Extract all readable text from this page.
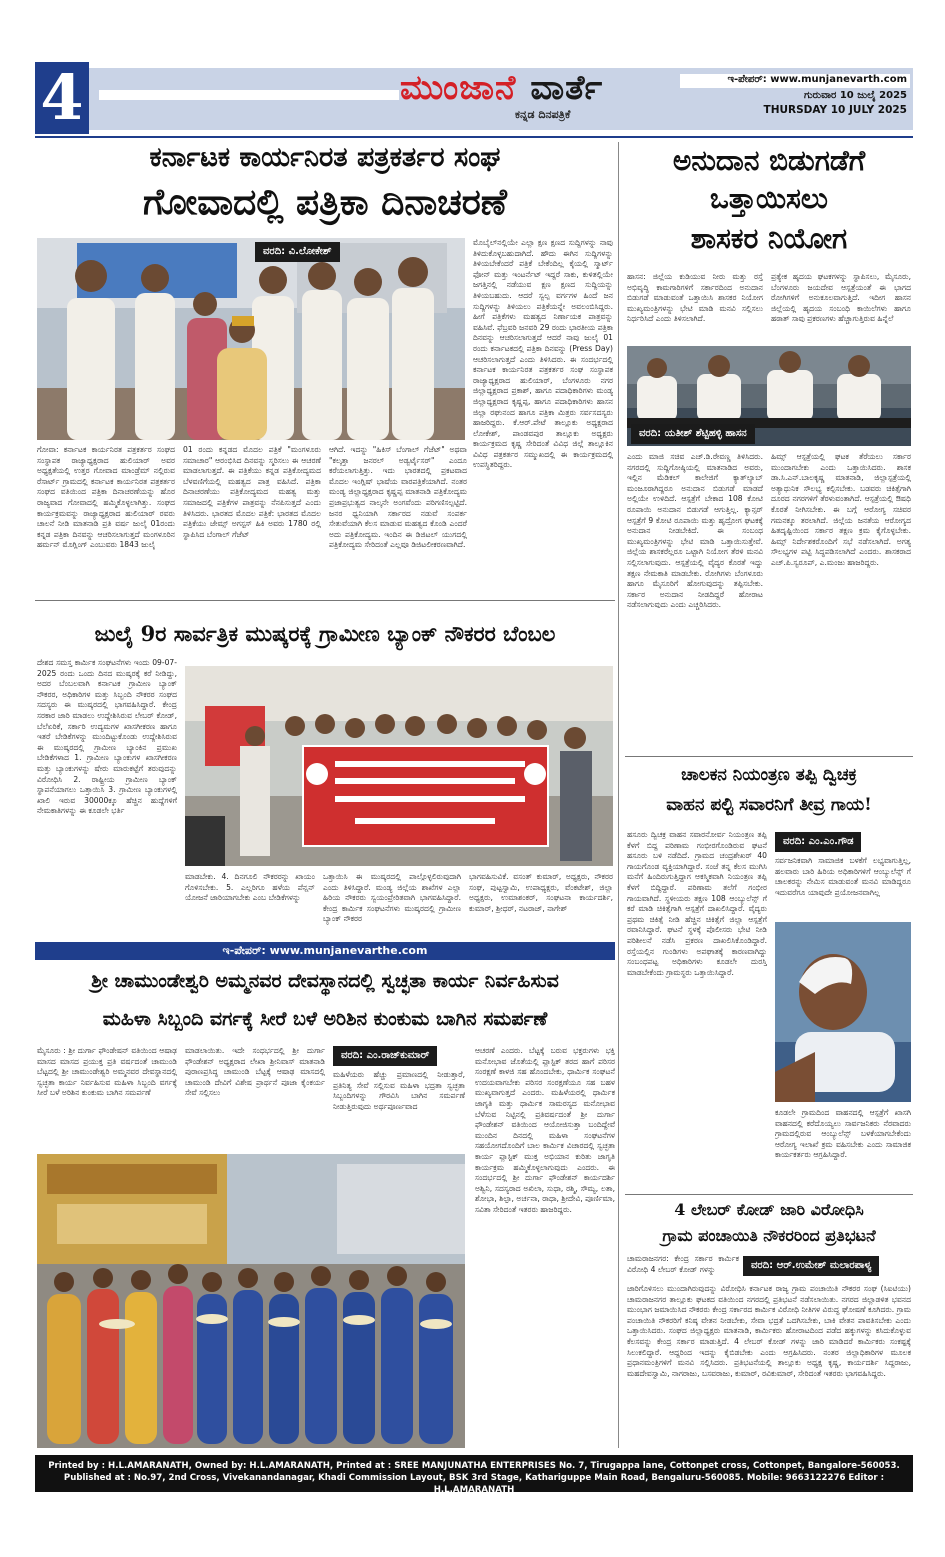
4	ಮುಂಜಾನೆ ವಾರ್ತೆ
ಕನ್ನಡ ದಿನಪತ್ರಿಕೆ
ಇ-ಪೇಪರ್: www.munjanevarth.com
ಗುರುವಾರ 10 ಜುಲೈ 2025
THURSDAY 10 JULY 2025
ಕರ್ನಾಟಕ ಕಾರ್ಯನಿರತ ಪತ್ರಕರ್ತರ ಸಂಘ
ಗೋವಾದಲ್ಲಿ ಪತ್ರಿಕಾ ದಿನಾಚರಣೆ
ವರದಿ: ವಿ.ಲೋಕೇಶ್
ಗೋವಾ: ಕರ್ನಾಟಕ ಕಾರ್ಯನಿರತ ಪತ್ರಕರ್ತರ ಸಂಘದ ಸಂಸ್ಥಾಪಕ ರಾಜ್ಯಾಧ್ಯಕ್ಷರಾದ ಹುಲಿಯಾರ್ ಅವರ ಅಧ್ಯಕ್ಷತೆಯಲ್ಲಿ ಉತ್ತರ ಗೋವಾದ ಮಾಂಡ್ರೆಮ್ ನಲ್ಲಿರುವ ರೆಸಾರ್ಟ್ ಗ್ರಾಮದಲ್ಲಿ ಕರ್ನಾಟಕ ಕಾರ್ಯನಿರತ ಪತ್ರಕರ್ತರ ಸಂಘದ ವತಿಯಿಂದ ಪತ್ರಿಕಾ ದಿನಾಚರಣೆಯನ್ನು ಹೊರ ರಾಜ್ಯವಾದ ಗೋವಾದಲ್ಲಿ ಹಮ್ಮಿಕೊಳ್ಳಲಾಗಿತ್ತು. ಸಂಘದ ಕಾರ್ಯಕ್ರಮವನ್ನು ರಾಜ್ಯಾಧ್ಯಕ್ಷರಾದ ಹುಲಿಯಾರ್ ರವರು ಚಾಲನೆ ನೀಡಿ ಮಾತನಾಡಿ ಪ್ರತಿ ವರ್ಷ ಜುಲೈ 01ರಂದು ಕನ್ನಡ ಪತ್ರಿಕಾ ದಿನವನ್ನು ಆಚರಿಸಲಾಗುತ್ತದೆ ಮಂಗಳೂರಿನ ಹರ್ಮನ್ ಮೊಗ್ಲಿಂಗ್ ಎಂಬುವರು 1843 ಜುಲೈ
01 ರಂದು ಕನ್ನಡದ ಮೊದಲ ಪತ್ರಿಕೆ "ಮಂಗಳೂರು ಸಮಾಚಾರ" ಆರಂಭಿಸಿದ ದಿನವನ್ನು ಸ್ಮರಿಸಲು ಈ ಆಚರಣೆ ಮಾಡಲಾಗುತ್ತದೆ. ಈ ಪತ್ರಿಕೆಯು ಕನ್ನಡ ಪತ್ರಿಕೋದ್ಯಮದ ಬೆಳವಣಿಗೆಯಲ್ಲಿ ಮಹತ್ವದ ಪಾತ್ರ ವಹಿಸಿದೆ. ಪತ್ರಿಕಾ ದಿನಾಚರಣೆಯು ಪತ್ರಿಕೋದ್ಯಮದ ಮಹತ್ವ ಮತ್ತು ಸಮಾಜದಲ್ಲಿ ಪತ್ರಿಕೆಗಳ ಪಾತ್ರವನ್ನು ನೆನಪಿಸುತ್ತದೆ ಎಂದು ತಿಳಿಸಿದರು. ಭಾರತದ ಮೊದಲ ಪತ್ರಿಕೆ: ಭಾರತದ ಮೊದಲ ಪತ್ರಿಕೆಯು ಜೇಮ್ಸ್ ಅಗಸ್ಟಸ್ ಹಿಕಿ ಅವರು 1780 ರಲ್ಲಿ ಸ್ಥಾಪಿಸಿದ ಬೆಂಗಾಲ್ ಗೆಜೆಟ್
ಆಗಿದೆ. ಇದನ್ನು "ಹಿಕಿಸ್ ಬೆಂಗಾಲ್ ಗೆಜೆಟ್" ಅಥವಾ "ಕಲ್ಕತ್ತಾ ಜನರಲ್ ಅಡ್ವರ್ಟೈಸರ್" ಎಂದೂ ಕರೆಯಲಾಗುತ್ತಿತ್ತು. ಇದು ಭಾರತದಲ್ಲಿ ಪ್ರಕಟವಾದ ಮೊದಲ ಇಂಗ್ಲಿಷ್ ಭಾಷೆಯ ವಾರಪತ್ರಿಕೆಯಾಗಿದೆ. ನಂತರ ಮಂಡ್ಯ ಜಿಲ್ಲಾಧ್ಯಕ್ಷರಾದ ಕೃಷ್ಣಪ್ಪ ಮಾತನಾಡಿ ಪತ್ರಿಕೋದ್ಯಮ ಪ್ರಜಾಪ್ರಭುತ್ವದ ನಾಲ್ಕನೇ ಅಂಗವೆಂದು ಪರಿಗಣಿಸಲ್ಪಟ್ಟಿದೆ. ಜನರ ಧ್ವನಿಯಾಗಿ ಸರ್ಕಾರದ ನಡುವೆ ಸಂಪರ್ಕ ಸೇತುವೆಯಾಗಿ ಕೆಲಸ ಮಾಡುವ ಮಹತ್ವದ ಕೊಂಡಿ ಎಂದರೆ ಅದು ಪತ್ರಿಕೋದ್ಯಮ. ಇಂದಿನ ಈ ಡಿಜಿಟಲ್ ಯುಗದಲ್ಲಿ ಪತ್ರಿಕೋದ್ಯಮ ಸೇರಿದಂತೆ ಎಲ್ಲವೂ ಡಿಜಿಟಲೀಕರಣವಾಗಿದೆ.
ಮೊಬೈಲ್‌ನಲ್ಲಿಯೇ ಎಲ್ಲಾ ಕ್ಷಣ ಕ್ಷಣದ ಸುದ್ದಿಗಳನ್ನು ನಾವು ತಿಳಿದುಕೊಳ್ಳಬಹುದಾಗಿದೆ. ಹೌದು ಈಗಿನ ಸುದ್ದಿಗಳನ್ನು ತಿಳಿಯಬೇಕೆಂದರೆ ಪತ್ರಿಕೆ ಬೇಕೆಂದಿಲ್ಲ ಕೈಯಲ್ಲಿ ಸ್ಮಾರ್ಟ್ ಫೋನ್ ಮತ್ತು ಇಂಟರ್ನೆಟ್ ಇದ್ದರೆ ಸಾಕು, ಕುಳಿತಲ್ಲಿಯೇ ಜಗತ್ತಿನಲ್ಲಿ ನಡೆಯುವ ಕ್ಷಣ ಕ್ಷಣದ ಸುದ್ದಿಯನ್ನು ತಿಳಿಯಬಹುದು. ಆದರೆ ಸ್ವಲ್ಪ ವರ್ಗಗಳ ಹಿಂದೆ ಜನ ಸುದ್ದಿಗಳನ್ನು ತಿಳಿಯಲು ಪತ್ರಿಕೆಯನ್ನೇ ಅವಲಂಬಿಸಿದ್ದರು. ಹೀಗೆ ಪತ್ರಿಕೆಗಳು ಮಹತ್ವದ ನಿರ್ಣಾಯಕ ಪಾತ್ರವನ್ನು ವಹಿಸಿವೆ. ಫೆಬ್ರವರಿ ಜನವರಿ 29 ರಂದು ಭಾರತೀಯ ಪತ್ರಿಕಾ ದಿನವನ್ನು ಆಚರಿಸಲಾಗುತ್ತದೆ ಆದರೆ ನಾವು ಜುಲೈ 01 ರಂದು ಕರ್ನಾಟಕದಲ್ಲಿ ಪತ್ರಿಕಾ ದಿನವನ್ನು (Press Day) ಆಚರಿಸಲಾಗುತ್ತದೆ ಎಂದು ತಿಳಿಸಿದರು. ಈ ಸಂದರ್ಭದಲ್ಲಿ ಕರ್ನಾಟಕ ಕಾರ್ಯನಿರತ ಪತ್ರಕರ್ತರ ಸಂಘ ಸಂಸ್ಥಾಪಕ ರಾಜ್ಯಾಧ್ಯಕ್ಷರಾದ ಹುಲಿಯಾರ್, ಬೆಂಗಳೂರು ನಗರ ಜಿಲ್ಲಾಧ್ಯಕ್ಷರಾದ ಪ್ರಕಾಶ್, ಹಾಗೂ ಪದಾಧಿಕಾರಿಗಳು ಮಂಡ್ಯ ಜಿಲ್ಲಾಧ್ಯಕ್ಷರಾದ ಕೃಷ್ಣಪ್ಪ, ಹಾಗೂ ಪದಾಧಿಕಾರಿಗಳು ಹಾಸನ ಜಿಲ್ಲಾ ರಘುನಂದ ಹಾಗೂ ಪತ್ರಿಕಾ ಮಿತ್ರರು ಸರ್ವಸದಸ್ಯರು ಹಾಜರಿದ್ದರು. ಕೆ.ಆರ್.ಪೇಟೆ ತಾಲ್ಲೂಕು ಅಧ್ಯಕ್ಷರಾದ ಲೋಕೇಶ್, ಪಾಂಡವಪುರ ತಾಲ್ಲೂಕು ಅಧ್ಯಕ್ಷರು ಕಾರ್ಯಕ್ರಮದ ಕೃಷ್ಣ ಸೇರಿದಂತೆ ವಿವಿಧ ಜಿಲ್ಲೆ ತಾಲ್ಲೂಕಿನ ವಿವಿಧ ಪತ್ರಕರ್ತರ ಸಮ್ಮುಖದಲ್ಲಿ ಈ ಕಾರ್ಯಕ್ರಮದಲ್ಲಿ ಉಪಸ್ಥಿತರಿದ್ದರು.
ಜುಲೈ 9ರ ಸಾರ್ವತ್ರಿಕ ಮುಷ್ಕರಕ್ಕೆ ಗ್ರಾಮೀಣ ಬ್ಯಾಂಕ್ ನೌಕರರ ಬೆಂಬಲ
ದೇಶದ ಸಮಸ್ತ ಕಾರ್ಮಿಕ ಸಂಘಟನೆಗಳು ಇಂದು 09-07-2025 ರಂದು ಒಂದು ದಿನದ ಮುಷ್ಕರಕ್ಕೆ ಕರೆ ನೀಡಿದ್ದು, ಅದರ ಬೆಂಬಲವಾಗಿ ಕರ್ನಾಟಕ ಗ್ರಾಮೀಣ ಬ್ಯಾಂಕ್ ನೌಕರರ, ಅಧಿಕಾರಿಗಳ ಮತ್ತು ಸಿಬ್ಬಂದಿ ನೌಕರರ ಸಂಘದ ಸದಸ್ಯರು ಈ ಮುಷ್ಕರದಲ್ಲಿ ಭಾಗವಹಿಸಿದ್ದಾರೆ. ಕೇಂದ್ರ ಸರಕಾರ ಜಾರಿ ಮಾಡಲು ಉದ್ದೇಶಿಸಿರುವ ಲೇಬರ್ ಕೋಡ್, ಬೆಲೆಏರಿಕೆ, ಸರ್ಕಾರಿ ಉದ್ಯಮಗಳ ಖಾಸಗೀಕರಣ ಹಾಗೂ ಇತರೆ ಬೇಡಿಕೆಗಳನ್ನು ಮುಂದಿಟ್ಟುಕೊಂಡು ಉದ್ದೇಶಿಸಿರುವ ಈ ಮುಷ್ಕರದಲ್ಲಿ ಗ್ರಾಮೀಣ ಬ್ಯಾಂಕಿನ ಪ್ರಮುಖ ಬೇಡಿಕೆಗಳಾದ 1. ಗ್ರಾಮೀಣ ಬ್ಯಾಂಕುಗಳ ಖಾಸಗೀಕರಣ ಮತ್ತು ಬ್ಯಾಂಕುಗಳನ್ನು ಷೇರು ಮಾರುಕಟ್ಟೆಗೆ ತರುವುದನ್ನು ವಿರೋಧಿಸಿ 2. ರಾಷ್ಟ್ರೀಯ ಗ್ರಾಮೀಣ ಬ್ಯಾಂಕ್ ಸ್ಥಾಪನೆಯಾಗಲು ಒತ್ತಾಯಿಸಿ 3. ಗ್ರಾಮೀಣ ಬ್ಯಾಂಕುಗಳಲ್ಲಿ ಖಾಲಿ ಇರುವ 30000ಕ್ಕೂ ಹೆಚ್ಚಿನ ಹುದ್ದೆಗಳಿಗೆ ನೇಮಕಾತಿಗಳನ್ನು ಈ ಕೂಡಲೇ ಭರ್ತಿ
ಮಾಡಬೇಕು. 4. ದಿನಗೂಲಿ ನೌಕರರನ್ನು ಖಾಯಂ ಗೊಳಿಸಬೇಕು. 5. ಎಲ್ಲರಿಗೂ ಹಳೆಯ ಪೆನ್ಷನ್ ಯೋಜನೆ ಜಾರಿಯಾಗಬೇಕು ಎಂಬ ಬೇಡಿಕೆಗಳನ್ನು
ಒತ್ತಾಯಿಸಿ ಈ ಮುಷ್ಕರದಲ್ಲಿ ಪಾಲ್ಗೊಳ್ಳಲಿರುವುದಾಗಿ ಎಂದು ತಿಳಿಸಿದ್ದಾರೆ. ಮಂಡ್ಯ ಜಿಲ್ಲೆಯ ಶಾಖೆಗಳ ಎಲ್ಲಾ ಹಿರಿಯ ನೌಕರರು ಸ್ವಯಂಪ್ರೇರಿತವಾಗಿ ಭಾಗವಹಿಸಿದ್ದಾರೆ. ಕೇಂದ್ರ ಕಾರ್ಮಿಕ ಸಂಘಟನೆಗಳು ಮುಷ್ಕರದಲ್ಲಿ ಗ್ರಾಮೀಣ ಬ್ಯಾಂಕ್ ನೌಕರರ
ಭಾಗವಹಿಸುವಿಕೆ. ವಸಂತ್ ಕುಮಾರ್, ಅಧ್ಯಕ್ಷರು, ನೌಕರರ ಸಂಘ, ಪುಟ್ಟಸ್ವಾಮಿ, ಉಪಾಧ್ಯಕ್ಷರು, ವೆಂಕಟೇಶ್, ಜಿಲ್ಲಾ ಅಧ್ಯಕ್ಷರು, ಉಮಾಶಂಕರ್, ಸಂಘಟನಾ ಕಾರ್ಯದರ್ಶಿ, ಕುಮಾರ್, ಶ್ರೀಧರ್, ನಟರಾಜ್, ನಾಗೇಶ್
ಇ-ಪೇಪರ್: www.munjanevarthe.com
ಶ್ರೀ ಚಾಮುಂಡೇಶ್ವರಿ ಅಮ್ಮನವರ ದೇವಸ್ಥಾನದಲ್ಲಿ ಸ್ವಚ್ಛತಾ ಕಾರ್ಯ ನಿರ್ವಹಿಸುವ
ಮಹಿಳಾ ಸಿಬ್ಬಂದಿ ವರ್ಗಕ್ಕೆ ಸೀರೆ ಬಳೆ ಅರಿಶಿನ ಕುಂಕುಮ ಬಾಗಿನ ಸಮರ್ಪಣೆ
ಮೈಸೂರು : ಶ್ರೀ ದುರ್ಗಾ ಫೌಂಡೇಷನ್ ವತಿಯಿಂದ ಆಷಾಢ ಮಾಸದ ಮಾಸದ ಪ್ರಯುಕ್ತ ಪ್ರತಿ ವರ್ಷದಂತೆ ಚಾಮುಂಡಿ ಬೆಟ್ಟದಲ್ಲಿ ಶ್ರೀ ಚಾಮುಂಡೇಶ್ವರಿ ಅಮ್ಮನವರ ದೇವಸ್ಥಾನದಲ್ಲಿ ಸ್ವಚ್ಛತಾ ಕಾರ್ಯ ನಿರ್ವಹಿಸುವ ಮಹಿಳಾ ಸಿಬ್ಬಂದಿ ವರ್ಗಕ್ಕೆ ಸೀರೆ ಬಳೆ ಅರಿಶಿನ ಕುಂಕುಮ ಬಾಗಿನ ಸಮರ್ಪಣೆ
ಮಾಡಲಾಯಿತು. ಇದೇ ಸಂಧರ್ಭದಲ್ಲಿ ಶ್ರೀ ದುರ್ಗಾ ಫೌಂಡೇಶನ್ ಅಧ್ಯಕ್ಷರಾದ ಲೇಖಾ ಶ್ರೀನಿವಾಸ್ ಮಾತನಾಡಿ ಪುರಾಣಪ್ರಸಿದ್ಧ ಚಾಮುಂಡಿ ಬೆಟ್ಟಕ್ಕೆ ಆಷಾಢ ಮಾಸದಲ್ಲಿ ಚಾಮುಂಡಿ ದೇವಿಗೆ ವಿಶೇಷ ಪ್ರಾರ್ಥನೆ ಪೂಜಾ ಕೈಂಕರ್ಯ ಸೇವೆ ಸಲ್ಲಿಸಲು
ವರದಿ: ಎಂ.ರಾಜ್‌ಕುಮಾರ್
ಮಹಿಳೆಯರು ಹೆಚ್ಚು ಪ್ರಮಾಣದಲ್ಲಿ ನೀಡುತ್ತಾರೆ, ಪ್ರತಿನಿತ್ಯ ಸೇವೆ ಸಲ್ಲಿಸುವ ಮಹಿಳಾ ಭದ್ರತಾ ಸ್ವಚ್ಛತಾ ಸಿಬ್ಬಂದಿಗಳನ್ನು ಗೌರವಿಸಿ ಬಾಗಿನ ಸಮರ್ಪಣೆ ನೀಡುತ್ತಿರುವುದು ಅರ್ಥಪೂರ್ಣವಾದ
ಆಚರಣೆ ಎಂದರು. ಬೆಟ್ಟಕ್ಕೆ ಬರುವ ಭಕ್ತರುಗಳು ಭಕ್ತಿ ಮನೋಭಾವ ಜೊತೆಯಲ್ಲಿ ಪ್ಲಾಸ್ಟಿಕ್ ತರದ ಹಾಗೆ ಪರಿಸರ ಸಂರಕ್ಷಣೆ ಕಾಳಜಿ ಸಹ ಹೊಂದಬೇಕು, ಧಾರ್ಮಿಕ ಸಂಘಟನೆ ಉದಯವಾಗಬೇಕು ಪರಿಸರ ಸಂರಕ್ಷಣೆಯೂ ಸಹ ಬಹಳ ಮುಖ್ಯವಾಗುತ್ತದೆ ಎಂದರು. ಮಹಿಳೆಯರಲ್ಲಿ ಧಾರ್ಮಿಕ ಜಾಗೃತಿ ಮತ್ತು ಧಾರ್ಮಿಕ ಸಾಮರಸ್ಯದ ಮನೋಭಾವ ಬೆಳೆಸುವ ನಿಟ್ಟಿನಲ್ಲಿ ಪ್ರತಿವರ್ಷದಂತೆ ಶ್ರೀ ದುರ್ಗಾ ಫೌಂಡೇಶನ್ ವತಿಯಿಂದ ಆಯೋಜಿಸುತ್ತಾ ಬಂದಿದ್ದೇವೆ ಮುಂದಿನ ದಿನದಲ್ಲಿ ಮಹಿಳಾ ಸಂಘಟನೆಗಳ ಸಹಯೋಗದೊಂದಿಗೆ ಬಾಲ ಕಾರ್ಮಿಕ ವಿಚಾರದಲ್ಲಿ ಸ್ವಚ್ಛತಾ ಕಾರ್ಯ ಪ್ಲಾಸ್ಟಿಕ್ ಮುಕ್ತ ಅಭಿಯಾನ ಕುರಿತು ಜಾಗೃತಿ ಕಾರ್ಯಕ್ರಮ ಹಮ್ಮಿಕೊಳ್ಳಲಾಗುವುದು ಎಂದರು. ಈ ಸಂದರ್ಭದಲ್ಲಿ ಶ್ರೀ ದುರ್ಗಾ ಫೌಂಡೇಶನ್ ಕಾರ್ಯದರ್ಶಿ ಅಶ್ವಿನಿ, ಸದಸ್ಯರಾದ ಅಖಿಲಾ, ಸುಧಾ, ರಶ್ಮಿ, ಸೌಮ್ಯ, ಲತಾ, ಶೋಭಾ, ಶಿಲ್ಪಾ, ಅರ್ಚನಾ, ರಾಧಾ, ಶ್ರೀದೇವಿ, ಪೂರ್ಣಿಮಾ, ಸವಿತಾ ಸೇರಿದಂತೆ ಇತರರು ಹಾಜರಿದ್ದರು.
ಅನುದಾನ ಬಿಡುಗಡೆಗೆ
ಒತ್ತಾಯಿಸಲು
ಶಾಸಕರ ನಿಯೋಗ
ಹಾಸನ: ಜಿಲ್ಲೆಯ ಕುಡಿಯುವ ನೀರು ಮತ್ತು ರಸ್ತೆ ಅಭಿವೃದ್ಧಿ ಕಾಮಗಾರಿಗಳಿಗೆ ಸರ್ಕಾರದಿಂದ ಅನುದಾನ ಬಿಡುಗಡೆ ಮಾಡುವಂತೆ ಒತ್ತಾಯಿಸಿ ಶಾಸಕರ ನಿಯೋಗ ಮುಖ್ಯಮಂತ್ರಿಗಳನ್ನು ಭೇಟಿ ಮಾಡಿ ಮನವಿ ಸಲ್ಲಿಸಲು ನಿರ್ಧರಿಸಿದೆ ಎಂದು ತಿಳಿಸಲಾಗಿದೆ.
ಪ್ರತ್ಯೇಕ ಹೃದಯ ಘಟಕಗಳನ್ನು ಸ್ಥಾಪಿಸಲು, ಮೈಸೂರು, ಬೆಂಗಳೂರು ಜಯದೇವ ಆಸ್ಪತ್ರೆಯಂತೆ ಈ ಭಾಗದ ರೋಗಿಗಳಿಗೆ ಅನುಕೂಲವಾಗುತ್ತಿದೆ. ಇದೀಗ ಹಾಸನ ಜಿಲ್ಲೆಯಲ್ಲಿ ಹೃದಯ ಸಂಬಂಧಿ ಕಾಯಿಲೆಗಳು ಹಾಗೂ ಹಠಾತ್ ಸಾವು ಪ್ರಕರಣಗಳು ಹೆಚ್ಚಾಗುತ್ತಿರುವ ಹಿನ್ನೆಲೆ
ವರದಿ: ಯತೀಶ್ ಶೆಟ್ಟಿಹಳ್ಳಿ ಹಾಸನ
ಎಂದು ಮಾಜಿ ಸಚಿವ ಎಚ್.ಡಿ.ರೇವಣ್ಣ ತಿಳಿಸಿದರು. ನಗರದಲ್ಲಿ ಸುದ್ದಿಗೋಷ್ಠಿಯಲ್ಲಿ ಮಾತನಾಡಿದ ಅವರು, ಇಲ್ಲಿನ ಮೆಡಿಕಲ್ ಕಾಲೇಜಿಗೆ ಕ್ಯಾತ್‌ಲ್ಯಾಬ್ ಮಂಜೂರಾಗಿದ್ದರೂ ಅನುದಾನ ಬಿಡುಗಡೆ ಮಾಡದೆ ಅಲ್ಲಿಯೇ ಉಳಿದಿದೆ. ಆಸ್ಪತ್ರೆಗೆ ಬೇಕಾದ 108 ಕೋಟಿ ರೂಪಾಯಿ ಅನುದಾನ ಬಿಡುಗಡೆ ಆಗುತ್ತಿಲ್ಲ. ಕ್ಯಾನ್ಸರ್ ಆಸ್ಪತ್ರೆಗೆ 9 ಕೋಟಿ ರೂಪಾಯಿ ಮತ್ತು ಹೃದ್ರೋಗ ಘಟಕಕ್ಕೆ ಅನುದಾನ ನೀಡಬೇಕಿದೆ. ಈ ಸಂಬಂಧ ಮುಖ್ಯಮಂತ್ರಿಗಳನ್ನು ಭೇಟಿ ಮಾಡಿ ಒತ್ತಾಯಿಸುತ್ತೇವೆ. ಜಿಲ್ಲೆಯ ಶಾಸಕರೆಲ್ಲರೂ ಒಟ್ಟಾಗಿ ನಿಯೋಗ ತೆರಳಿ ಮನವಿ ಸಲ್ಲಿಸಲಾಗುವುದು. ಆಸ್ಪತ್ರೆಯಲ್ಲಿ ವೈದ್ಯರ ಕೊರತೆ ಇದ್ದು ತಕ್ಷಣ ನೇಮಕಾತಿ ಮಾಡಬೇಕು. ರೋಗಿಗಳು ಬೆಂಗಳೂರು ಹಾಗೂ ಮೈಸೂರಿಗೆ ಹೋಗುವುದನ್ನು ತಪ್ಪಿಸಬೇಕು. ಸರ್ಕಾರ ಅನುದಾನ ನೀಡದಿದ್ದರೆ ಹೋರಾಟ ನಡೆಸಲಾಗುವುದು ಎಂದು ಎಚ್ಚರಿಸಿದರು.
ಹಿಮ್ಸ್ ಆಸ್ಪತ್ರೆಯಲ್ಲಿ ಘಟಕ ತೆರೆಯಲು ಸರ್ಕಾರ ಮುಂದಾಗಬೇಕು ಎಂದು ಒತ್ತಾಯಿಸಿದರು. ಶಾಸಕ ಡಾ.ಸಿ.ಎನ್.ಬಾಲಕೃಷ್ಣ ಮಾತನಾಡಿ, ಜಿಲ್ಲಾಸ್ಪತ್ರೆಯಲ್ಲಿ ಅತ್ಯಾಧುನಿಕ ಸೌಲಭ್ಯ ಕಲ್ಪಿಸಬೇಕು. ಬಡವರು ಚಿಕಿತ್ಸೆಗಾಗಿ ದೂರದ ನಗರಗಳಿಗೆ ತೆರಳುವಂತಾಗಿದೆ. ಆಸ್ಪತ್ರೆಯಲ್ಲಿ ಔಷಧಿ ಕೊರತೆ ನೀಗಿಸಬೇಕು. ಈ ಬಗ್ಗೆ ಆರೋಗ್ಯ ಸಚಿವರ ಗಮನಕ್ಕೂ ತರಲಾಗಿದೆ. ಜಿಲ್ಲೆಯ ಜನತೆಯ ಆರೋಗ್ಯದ ಹಿತದೃಷ್ಟಿಯಿಂದ ಸರ್ಕಾರ ತಕ್ಷಣ ಕ್ರಮ ಕೈಗೊಳ್ಳಬೇಕು. ಹಿಮ್ಸ್ ನಿರ್ದೇಶಕರೊಂದಿಗೆ ಸಭೆ ನಡೆಸಲಾಗಿದೆ. ಅಗತ್ಯ ಸೌಲಭ್ಯಗಳ ಪಟ್ಟಿ ಸಿದ್ಧಪಡಿಸಲಾಗಿದೆ ಎಂದರು. ಶಾಸಕರಾದ ಎಚ್.ಪಿ.ಸ್ವರೂಪ್, ಎ.ಮಂಜು ಹಾಜರಿದ್ದರು.
ಚಾಲಕನ ನಿಯಂತ್ರಣ ತಪ್ಪಿ ದ್ವಿಚಕ್ರ
ವಾಹನ ಪಲ್ಟಿ ಸವಾರನಿಗೆ ತೀವ್ರ ಗಾಯ!
ಹಸೂರು ದ್ವಿಚಕ್ರ ವಾಹನ ಸವಾರನೋರ್ವ ನಿಯಂತ್ರಣ ತಪ್ಪಿ ಕೆಳಗೆ ಬಿದ್ದ ಪರಿಣಾಮ ಗಂಭೀರಗೊಂಡಿರುವ ಘಟನೆ ಹಸೂರು ಬಳಿ ನಡೆದಿದೆ. ಗ್ರಾಮದ ಚಂದ್ರಶೇಖರ್ 40 ಗಾಯಗೊಂಡ ವ್ಯಕ್ತಿಯಾಗಿದ್ದಾರೆ. ಸಂಜೆ ತನ್ನ ಕೆಲಸ ಮುಗಿಸಿ ಮನೆಗೆ ಹಿಂದಿರುಗುತ್ತಿದ್ದಾಗ ಆಕಸ್ಮಿಕವಾಗಿ ನಿಯಂತ್ರಣ ತಪ್ಪಿ ಕೆಳಗೆ ಬಿದ್ದಿದ್ದಾರೆ. ಪರಿಣಾಮ ತಲೆಗೆ ಗಂಭೀರ ಗಾಯವಾಗಿದೆ. ಸ್ಥಳೀಯರು ತಕ್ಷಣ 108 ಆಂಬ್ಯುಲೆನ್ಸ್ ಗೆ ಕರೆ ಮಾಡಿ ಚಿಕಿತ್ಸೆಗಾಗಿ ಆಸ್ಪತ್ರೆಗೆ ದಾಖಲಿಸಿದ್ದಾರೆ. ವೈದ್ಯರು ಪ್ರಥಮ ಚಿಕಿತ್ಸೆ ನೀಡಿ ಹೆಚ್ಚಿನ ಚಿಕಿತ್ಸೆಗೆ ಜಿಲ್ಲಾ ಆಸ್ಪತ್ರೆಗೆ ರವಾನಿಸಿದ್ದಾರೆ. ಘಟನೆ ಸ್ಥಳಕ್ಕೆ ಪೊಲೀಸರು ಭೇಟಿ ನೀಡಿ ಪರಿಶೀಲನೆ ನಡೆಸಿ ಪ್ರಕರಣ ದಾಖಲಿಸಿಕೊಂಡಿದ್ದಾರೆ. ರಸ್ತೆಯಲ್ಲಿನ ಗುಂಡಿಗಳು ಅಪಘಾತಕ್ಕೆ ಕಾರಣವಾಗಿದ್ದು ಸಂಬಂಧಪಟ್ಟ ಅಧಿಕಾರಿಗಳು ಕೂಡಲೇ ದುರಸ್ತಿ ಮಾಡಬೇಕೆಂದು ಗ್ರಾಮಸ್ಥರು ಒತ್ತಾಯಿಸಿದ್ದಾರೆ.
ವರದಿ: ಎಂ.ಎಂ.ಗೌಡ
ಸರ್ವಜನಿಕವಾಗಿ ಸಾಮಾಜಿಕ ಬಳಕೆಗೆ ಲಭ್ಯವಾಗುತ್ತಿಲ್ಲ, ಹಲವಾರು ಬಾರಿ ಹಿರಿಯ ಅಧಿಕಾರಿಗಳಿಗೆ ಆಂಬ್ಯುಲೆನ್ಸ್ ಗೆ ಚಾಲಕರನ್ನು ನೇಮಿಸ ಮಾಡುವಂತೆ ಮನವಿ ಮಾಡಿದ್ದರೂ ಇದುವರೆಗೂ ಯಾವುದೇ ಪ್ರಯೋಜನವಾಗಿಲ್ಲ
ಕೂಡಲೇ ಗ್ರಾಮದಿಂದ ವಾಹನದಲ್ಲಿ ಆಸ್ಪತ್ರೆಗೆ ಖಾಸಗಿ ವಾಹನದಲ್ಲಿ ಕರೆದೊಯ್ಯಲು ಸಾರ್ವಜನಿಕರು ನೆರವಾದರು ಗ್ರಾಮದಲ್ಲಿರುವ ಆಂಬ್ಯುಲೆನ್ಸ್ ಬಳಕೆಯಾಗಬೇಕೆಂದು ಆರೋಗ್ಯ ಇಲಾಖೆ ಕ್ರಮ ವಹಿಸಬೇಕು ಎಂದು ಸಾಮಾಜಿಕ ಕಾರ್ಯಕರ್ತರು ಆಗ್ರಹಿಸಿದ್ದಾರೆ.
4 ಲೇಬರ್ ಕೋಡ್ ಜಾರಿ ವಿರೋಧಿಸಿ
ಗ್ರಾಮ ಪಂಚಾಯಿತಿ ನೌಕರರಿಂದ ಪ್ರತಿಭಟನೆ
ಚಾಮರಾಜನಗರ: ಕೇಂದ್ರ ಸರ್ಕಾರ ಕಾರ್ಮಿಕ ವಿರೋಧಿ 4 ಲೇಬರ್ ಕೋಡ್ ಗಳನ್ನು	ವರದಿ: ಆರ್.ಉಮೇಶ್ ಮಲಾರಪಾಳ್ಯ
ಜಾರಿಗೊಳಿಸಲು ಮುಂದಾಗಿರುವುದನ್ನು ವಿರೋಧಿಸಿ ಕರ್ನಾಟಕ ರಾಜ್ಯ ಗ್ರಾಮ ಪಂಚಾಯಿತಿ ನೌಕರರ ಸಂಘ (ಸಿಐಟಿಯು) ಚಾಮರಾಜನಗರ ತಾಲ್ಲೂಕು ಘಟಕದ ವತಿಯಿಂದ ನಗರದಲ್ಲಿ ಪ್ರತಿಭಟನೆ ನಡೆಸಲಾಯಿತು. ನಗರದ ಜಿಲ್ಲಾಡಳಿತ ಭವನದ ಮುಂಭಾಗ ಜಮಾಯಿಸಿದ ನೌಕರರು ಕೇಂದ್ರ ಸರ್ಕಾರದ ಕಾರ್ಮಿಕ ವಿರೋಧಿ ನೀತಿಗಳ ವಿರುದ್ಧ ಘೋಷಣೆ ಕೂಗಿದರು. ಗ್ರಾಮ ಪಂಚಾಯಿತಿ ನೌಕರರಿಗೆ ಕನಿಷ್ಠ ವೇತನ ನೀಡಬೇಕು, ಸೇವಾ ಭದ್ರತೆ ಒದಗಿಸಬೇಕು, ಬಾಕಿ ವೇತನ ಪಾವತಿಸಬೇಕು ಎಂದು ಒತ್ತಾಯಿಸಿದರು. ಸಂಘದ ಜಿಲ್ಲಾಧ್ಯಕ್ಷರು ಮಾತನಾಡಿ, ಕಾರ್ಮಿಕರು ಹೋರಾಟದಿಂದ ಪಡೆದ ಹಕ್ಕುಗಳನ್ನು ಕಸಿದುಕೊಳ್ಳುವ ಕೆಲಸವನ್ನು ಕೇಂದ್ರ ಸರ್ಕಾರ ಮಾಡುತ್ತಿದೆ. 4 ಲೇಬರ್ ಕೋಡ್ ಗಳನ್ನು ಜಾರಿ ಮಾಡಿದರೆ ಕಾರ್ಮಿಕರು ಸಂಕಷ್ಟಕ್ಕೆ ಸಿಲುಕಲಿದ್ದಾರೆ. ಆದ್ದರಿಂದ ಇದನ್ನು ಕೈಬಿಡಬೇಕು ಎಂದು ಆಗ್ರಹಿಸಿದರು. ನಂತರ ಜಿಲ್ಲಾಧಿಕಾರಿಗಳ ಮೂಲಕ ಪ್ರಧಾನಮಂತ್ರಿಗಳಿಗೆ ಮನವಿ ಸಲ್ಲಿಸಿದರು. ಪ್ರತಿಭಟನೆಯಲ್ಲಿ ತಾಲ್ಲೂಕು ಅಧ್ಯಕ್ಷ ಕೃಷ್ಣ, ಕಾರ್ಯದರ್ಶಿ ಸಿದ್ದರಾಜು, ಮಹದೇವಸ್ವಾಮಿ, ನಾಗರಾಜು, ಬಸವರಾಜು, ಕುಮಾರ್, ರವಿಕುಮಾರ್, ಸೇರಿದಂತೆ ಇತರರು ಭಾಗವಹಿಸಿದ್ದರು.
Printed by : H.L.AMARANATH, Owned by: H.L.AMARANATH, Printed at : SREE MANJUNATHA ENTERPRISES No. 7, Tirugappa lane, Cottonpet cross, Cottonpet, Bangalore-560053.
Published at : No.97, 2nd Cross, Vivekanandanagar, Khadi Commission Layout, BSK 3rd Stage, Kathariguppe Main Road, Bengaluru-560085. Mobile: 9663122276 Editor : H.L.AMARANATH
